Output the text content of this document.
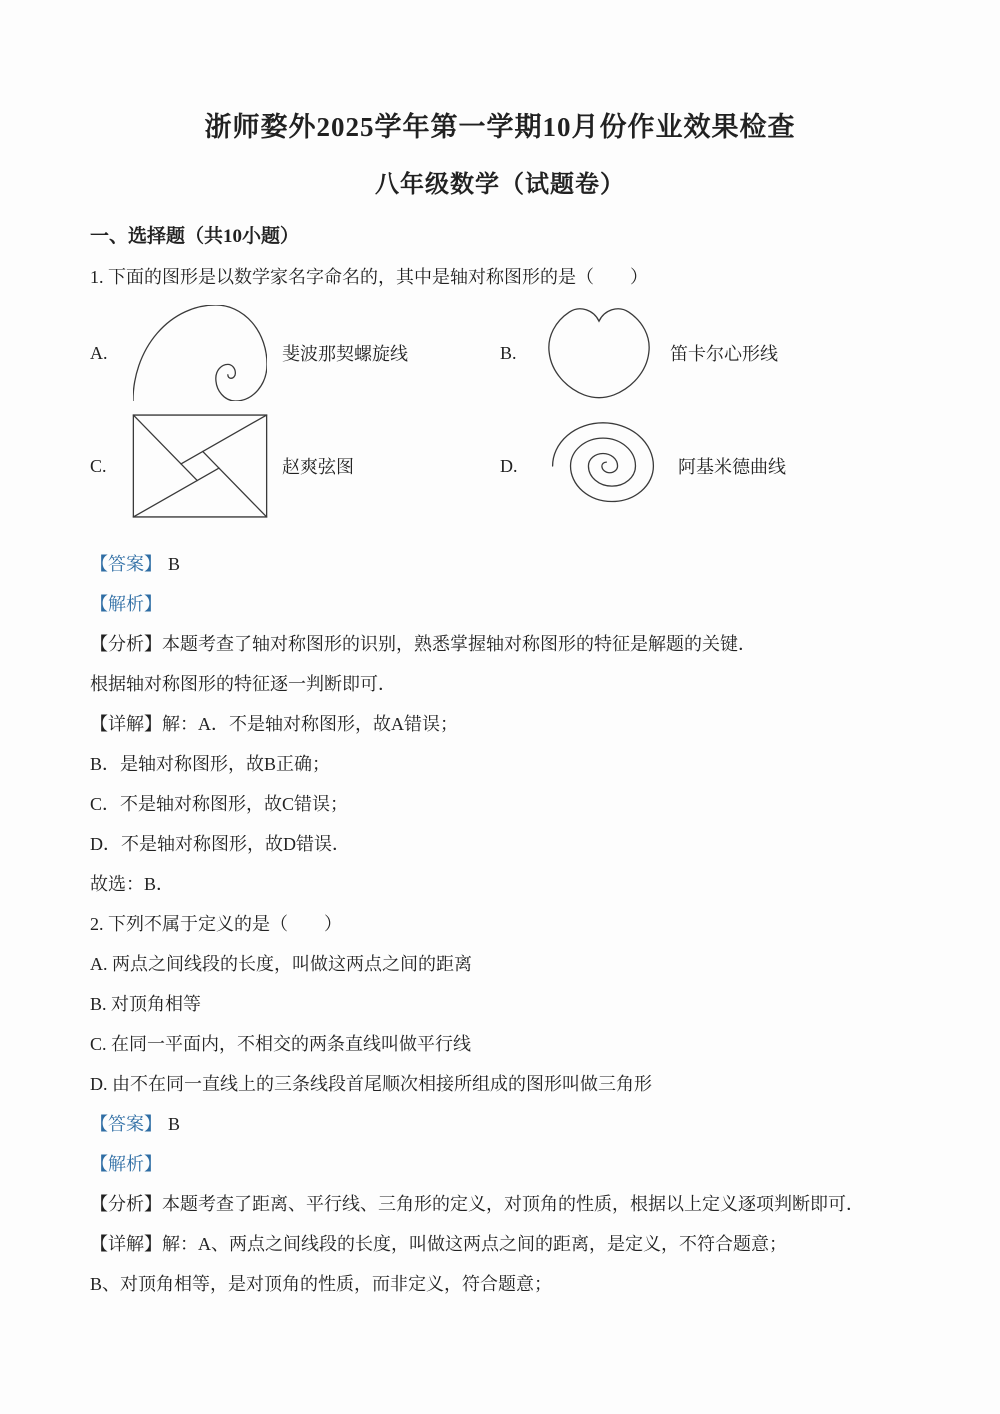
浙师婺外2025学年第一学期10月份作业效果检查
八年级数学（试题卷）

一、选择题（共10小题）

1. 下面的图形是以数学家名字命名的，其中是轴对称图形的是（　　）

A.	斐波那契螺旋线	B.	笛卡尔心形线
C.	赵爽弦图	D.	阿基米德曲线

【答案】 B

【解析】

【分析】本题考查了轴对称图形的识别，熟悉掌握轴对称图形的特征是解题的关键．

根据轴对称图形的特征逐一判断即可．

【详解】解：A．不是轴对称图形，故A错误；

B．是轴对称图形，故B正确；

C．不是轴对称图形，故C错误；

D．不是轴对称图形，故D错误．

故选：B．

2. 下列不属于定义的是（　　）

A. 两点之间线段的长度，叫做这两点之间的距离

B. 对顶角相等

C. 在同一平面内，不相交的两条直线叫做平行线

D. 由不在同一直线上的三条线段首尾顺次相接所组成的图形叫做三角形

【答案】 B

【解析】

【分析】本题考查了距离、平行线、三角形的定义，对顶角的性质，根据以上定义逐项判断即可．

【详解】解：A、两点之间线段的长度，叫做这两点之间的距离，是定义，不符合题意；

B、对顶角相等，是对顶角的性质，而非定义，符合题意；
